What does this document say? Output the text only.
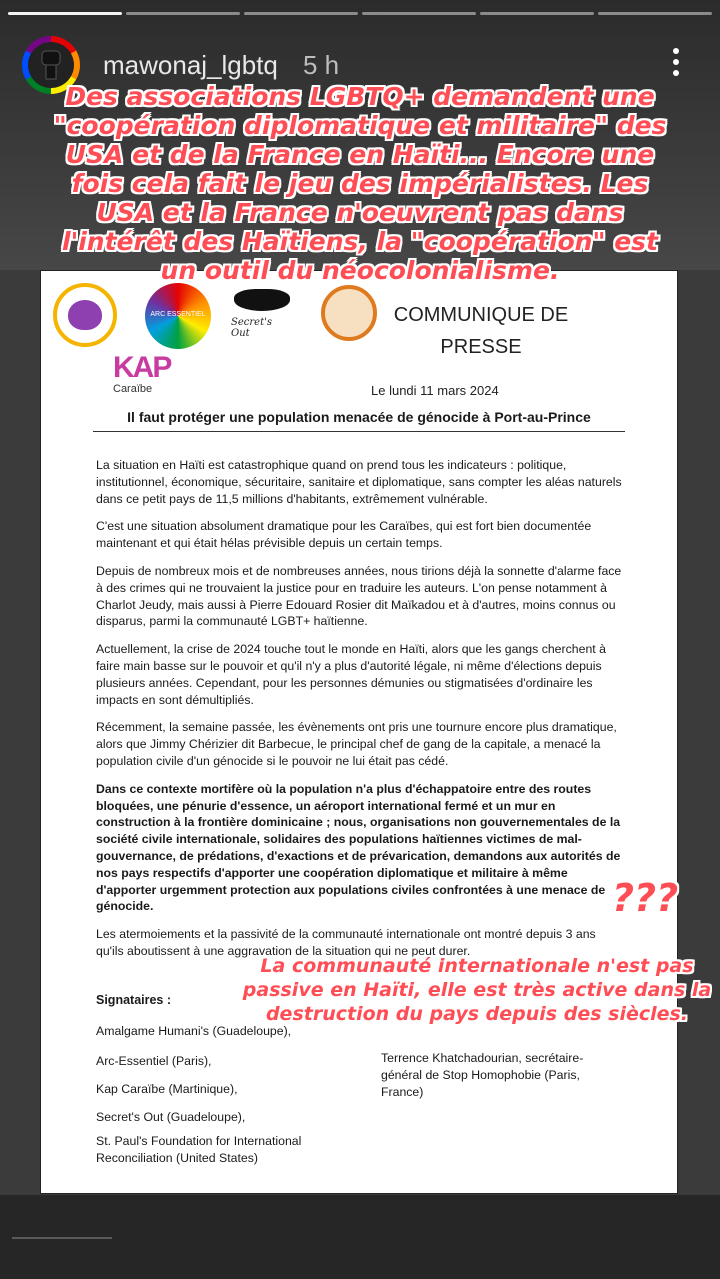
mawonaj_lgbtq 5 h
Des associations LGBTQ+ demandent une "coopération diplomatique et militaire" des USA et de la France en Haïti... Encore une fois cela fait le jeu des impérialistes. Les USA et la France n'oeuvrent pas dans l'intérêt des Haïtiens, la "coopération" est un outil du néocolonialisme.
ARC ESSENTIEL
Secret's Out
KAP
Caraïbe
COMMUNIQUE DE
PRESSE
Le lundi 11 mars 2024
Il faut protéger une population menacée de génocide à Port-au-Prince

La situation en Haïti est catastrophique quand on prend tous les indicateurs : politique, institutionnel, économique, sécuritaire, sanitaire et diplomatique, sans compter les aléas naturels dans ce petit pays de 11,5 millions d'habitants, extrêmement vulnérable.

C'est une situation absolument dramatique pour les Caraïbes, qui est fort bien documentée maintenant et qui était hélas prévisible depuis un certain temps.

Depuis de nombreux mois et de nombreuses années, nous tirions déjà la sonnette d'alarme face à des crimes qui ne trouvaient la justice pour en traduire les auteurs. L'on pense notamment à Charlot Jeudy, mais aussi à Pierre Edouard Rosier dit Maïkadou et à d'autres, moins connus ou disparus, parmi la communauté LGBT+ haïtienne.

Actuellement, la crise de 2024 touche tout le monde en Haïti, alors que les gangs cherchent à faire main basse sur le pouvoir et qu'il n'y a plus d'autorité légale, ni même d'élections depuis plusieurs années. Cependant, pour les personnes démunies ou stigmatisées d'ordinaire les impacts en sont démultipliés.

Récemment, la semaine passée, les évènements ont pris une tournure encore plus dramatique, alors que Jimmy Chérizier dit Barbecue, le principal chef de gang de la capitale, a menacé la population civile d'un génocide si le pouvoir ne lui était pas cédé.

Dans ce contexte mortifère où la population n'a plus d'échappatoire entre des routes bloquées, une pénurie d'essence, un aéroport international fermé et un mur en construction à la frontière dominicaine ; nous, organisations non gouvernementales de la société civile internationale, solidaires des populations haïtiennes victimes de mal-gouvernance, de prédations, d'exactions et de prévarication, demandons aux autorités de nos pays respectifs d'apporter une coopération diplomatique et militaire à même d'apporter urgemment protection aux populations civiles confrontées à une menace de génocide.

Les atermoiements et la passivité de la communauté internationale ont montré depuis 3 ans qu'ils aboutissent à une aggravation de la situation qui ne peut durer.

Signataires :
Amalgame Humani's (Guadeloupe),
Arc-Essentiel (Paris),
Kap Caraïbe (Martinique),
Secret's Out (Guadeloupe),
St. Paul's Foundation for International Reconciliation (United States)
Terrence Khatchadourian, secrétaire-général de Stop Homophobie (Paris, France)
???
La communauté internationale n'est pas passive en Haïti, elle est très active dans la destruction du pays depuis des siècles.
